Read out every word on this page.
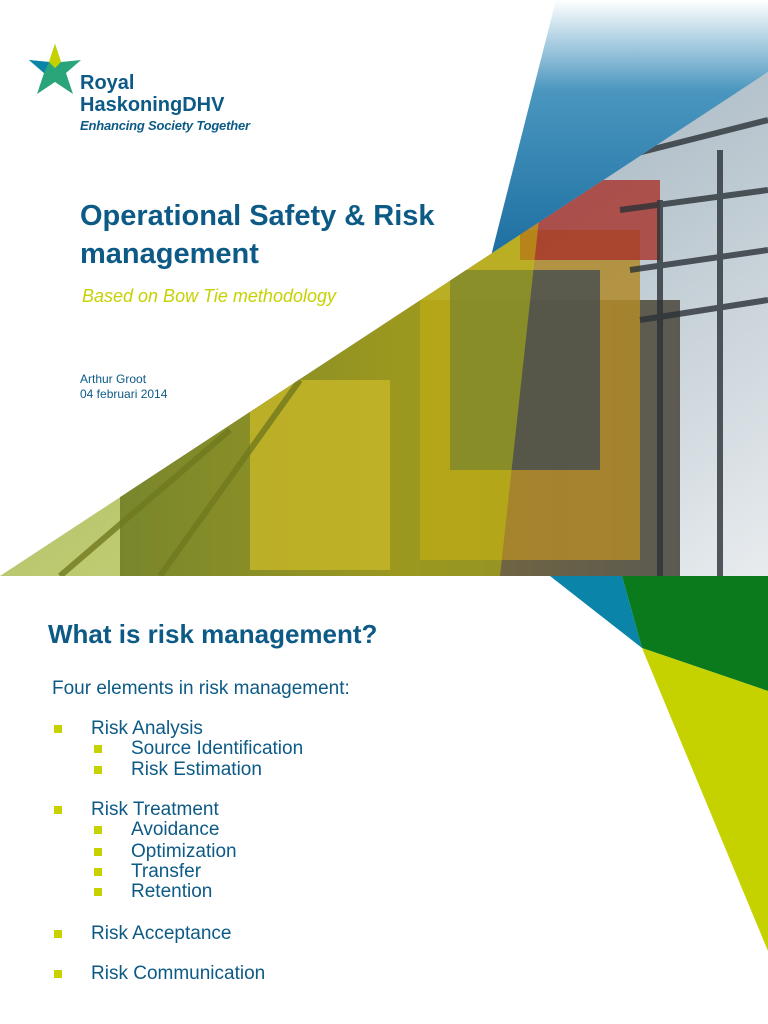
Royal
HaskoningDHV
Enhancing Society Together
Operational Safety & Risk management

Based on Bow Tie methodology

Arthur Groot
04 februari 2014
What is risk management?

Four elements in risk management:

Risk Analysis
Source Identification
Risk Estimation
Risk Treatment
Avoidance
Optimization
Transfer
Retention
Risk Acceptance
Risk Communication
